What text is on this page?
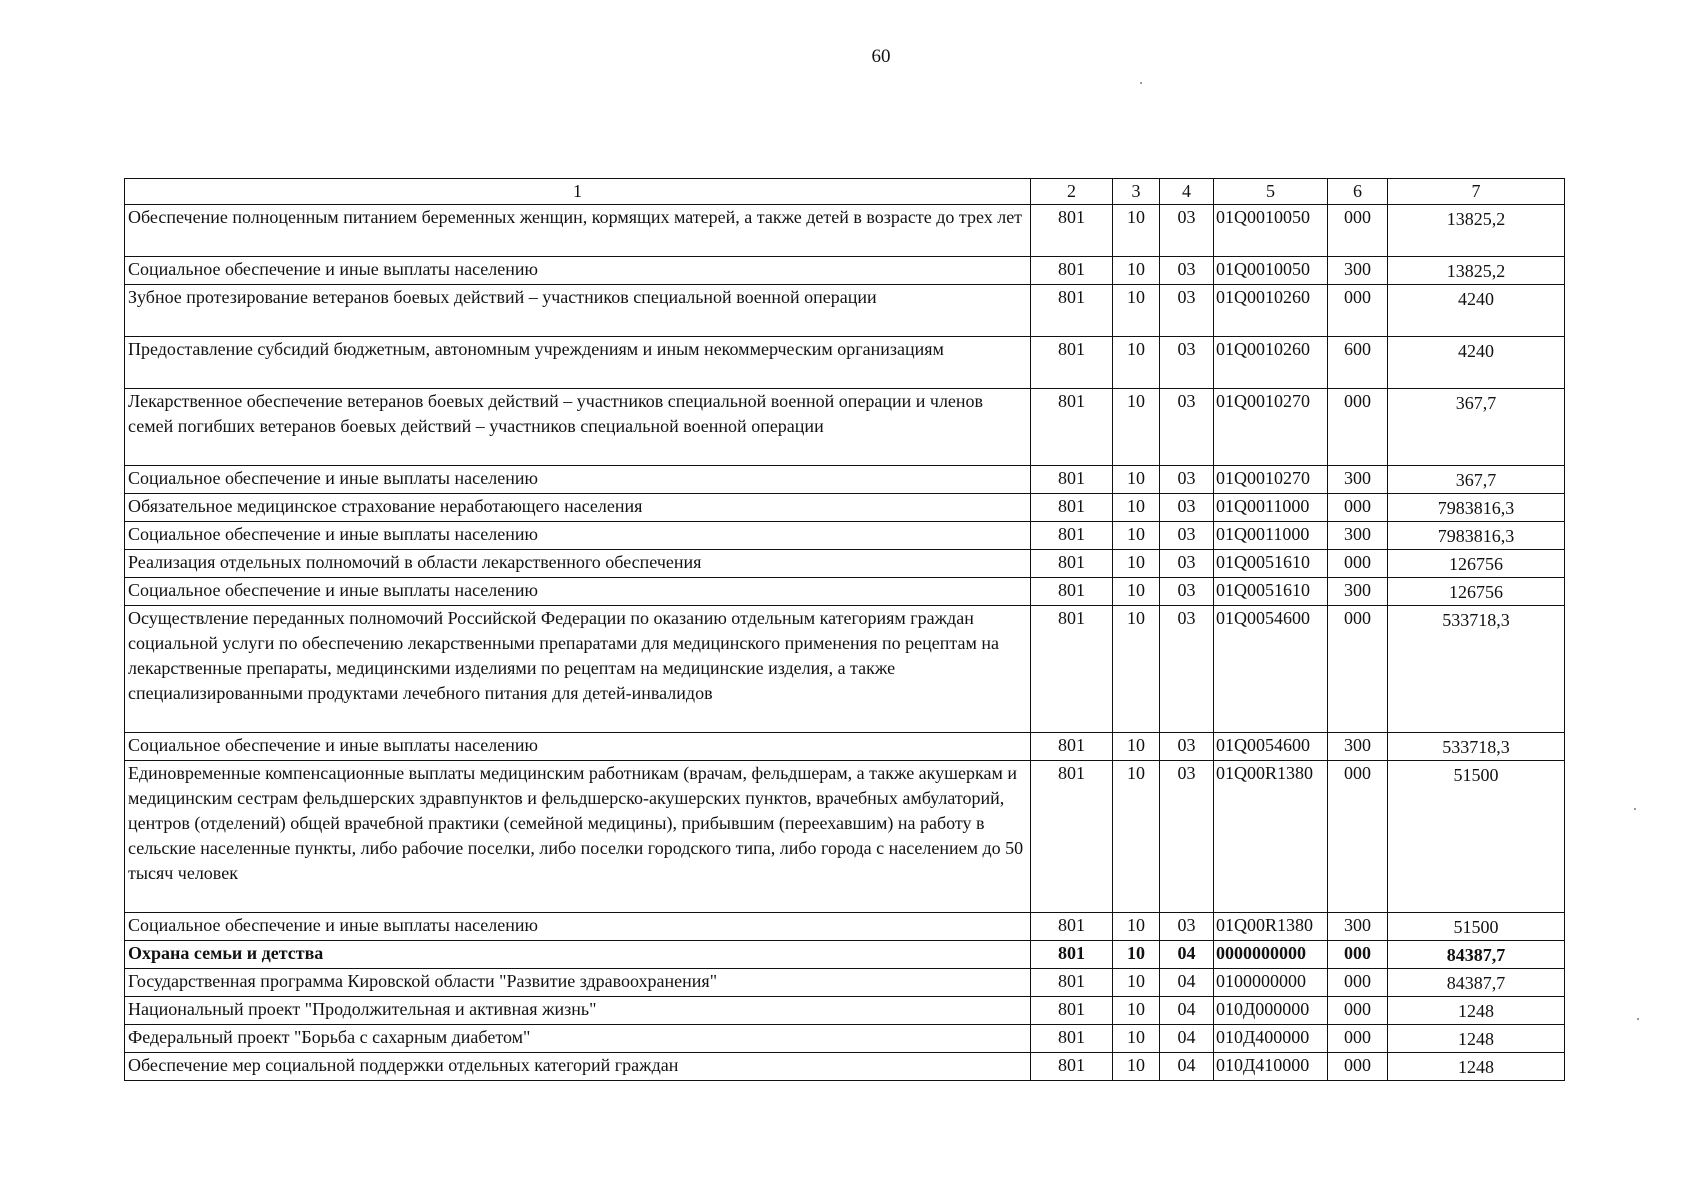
60
1	2	3	4	5	6	7
Обеспечение полноценным питанием беременных женщин, кормящих матерей, а также детей в возрасте до трех лет	801	10	03	01Q0010050	000	13825,2
Социальное обеспечение и иные выплаты населению	801	10	03	01Q0010050	300	13825,2
Зубное протезирование ветеранов боевых действий – участников специальной военной операции	801	10	03	01Q0010260	000	4240
Предоставление субсидий бюджетным, автономным учреждениям и иным некоммерческим организациям	801	10	03	01Q0010260	600	4240
Лекарственное обеспечение ветеранов боевых действий – участников специальной военной операции и членов семей погибших ветеранов боевых действий – участников специальной военной операции	801	10	03	01Q0010270	000	367,7
Социальное обеспечение и иные выплаты населению	801	10	03	01Q0010270	300	367,7
Обязательное медицинское страхование неработающего населения	801	10	03	01Q0011000	000	7983816,3
Социальное обеспечение и иные выплаты населению	801	10	03	01Q0011000	300	7983816,3
Реализация отдельных полномочий в области лекарственного обеспечения	801	10	03	01Q0051610	000	126756
Социальное обеспечение и иные выплаты населению	801	10	03	01Q0051610	300	126756
Осуществление переданных полномочий Российской Федерации по оказанию отдельным категориям граждан социальной услуги по обеспечению лекарственными препаратами для медицинского применения по рецептам на лекарственные препараты, медицинскими изделиями по рецептам на медицинские изделия, а также специализированными продуктами лечебного питания для детей-инвалидов	801	10	03	01Q0054600	000	533718,3
Социальное обеспечение и иные выплаты населению	801	10	03	01Q0054600	300	533718,3
Единовременные компенсационные выплаты медицинским работникам (врачам, фельдшерам, а также акушеркам и медицинским сестрам фельдшерских здравпунктов и фельдшерско-акушерских пунктов, врачебных амбулаторий, центров (отделений) общей врачебной практики (семейной медицины), прибывшим (переехавшим) на работу в сельские населенные пункты, либо рабочие поселки, либо поселки городского типа, либо города с населением до 50 тысяч человек	801	10	03	01Q00R1380	000	51500
Социальное обеспечение и иные выплаты населению	801	10	03	01Q00R1380	300	51500
Охрана семьи и детства	801	10	04	0000000000	000	84387,7
Государственная программа Кировской области "Развитие здравоохранения"	801	10	04	0100000000	000	84387,7
Национальный проект "Продолжительная и активная жизнь"	801	10	04	010Д000000	000	1248
Федеральный проект "Борьба с сахарным диабетом"	801	10	04	010Д400000	000	1248
Обеспечение мер социальной поддержки отдельных категорий граждан	801	10	04	010Д410000	000	1248
